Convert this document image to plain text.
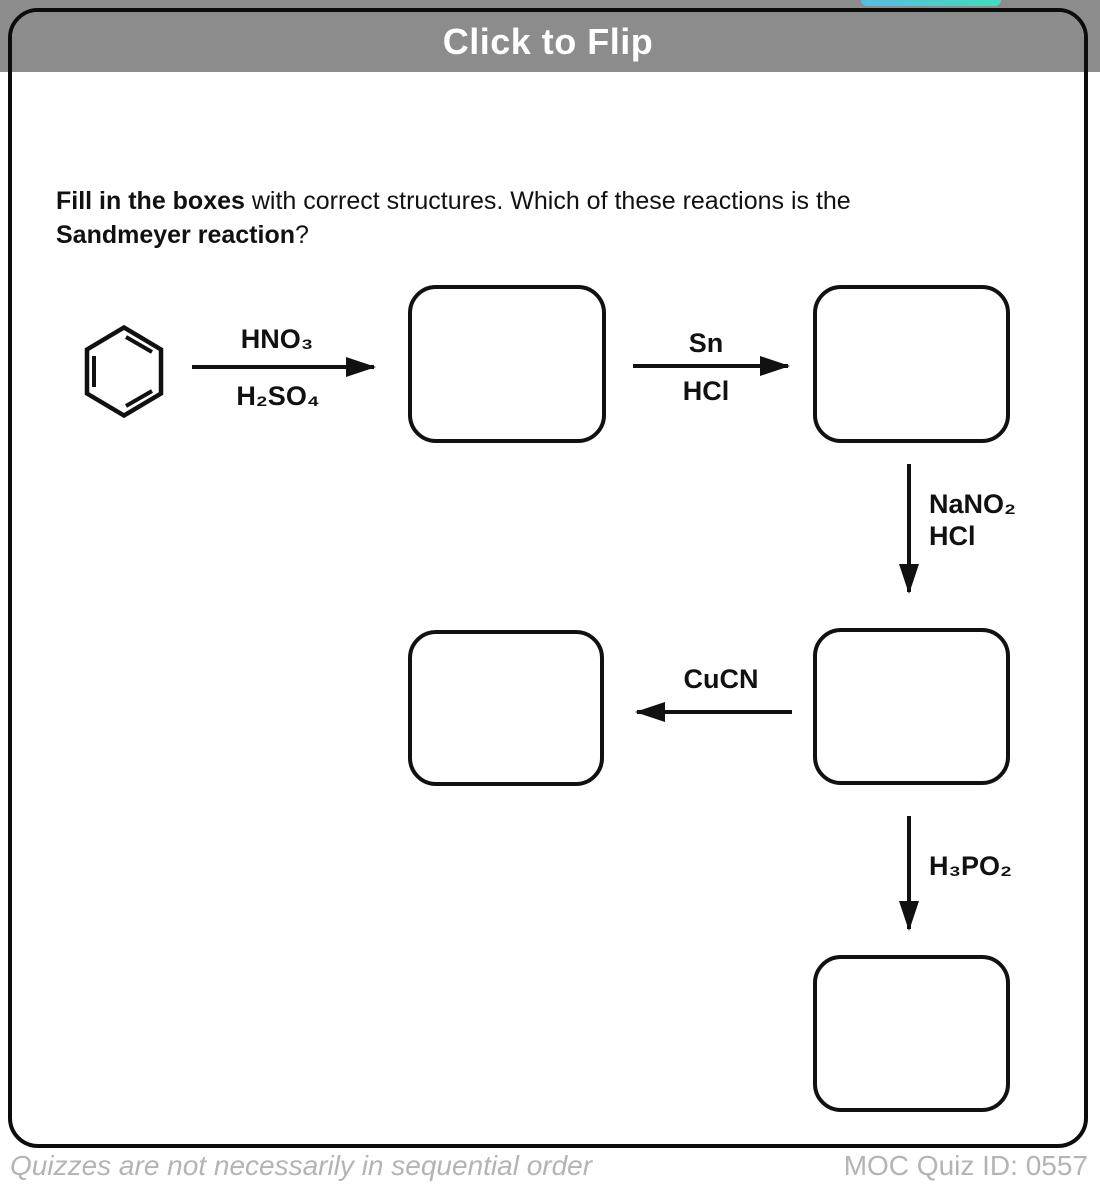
Click to Flip
Fill in the boxes with correct structures. Which of these reactions is the
Sandmeyer reaction?
HNO₃
H₂SO₄
Sn
HCl
NaNO₂
HCl
CuCN
H₃PO₂
Quizzes are not necessarily in sequential order	MOC Quiz ID: 0557
